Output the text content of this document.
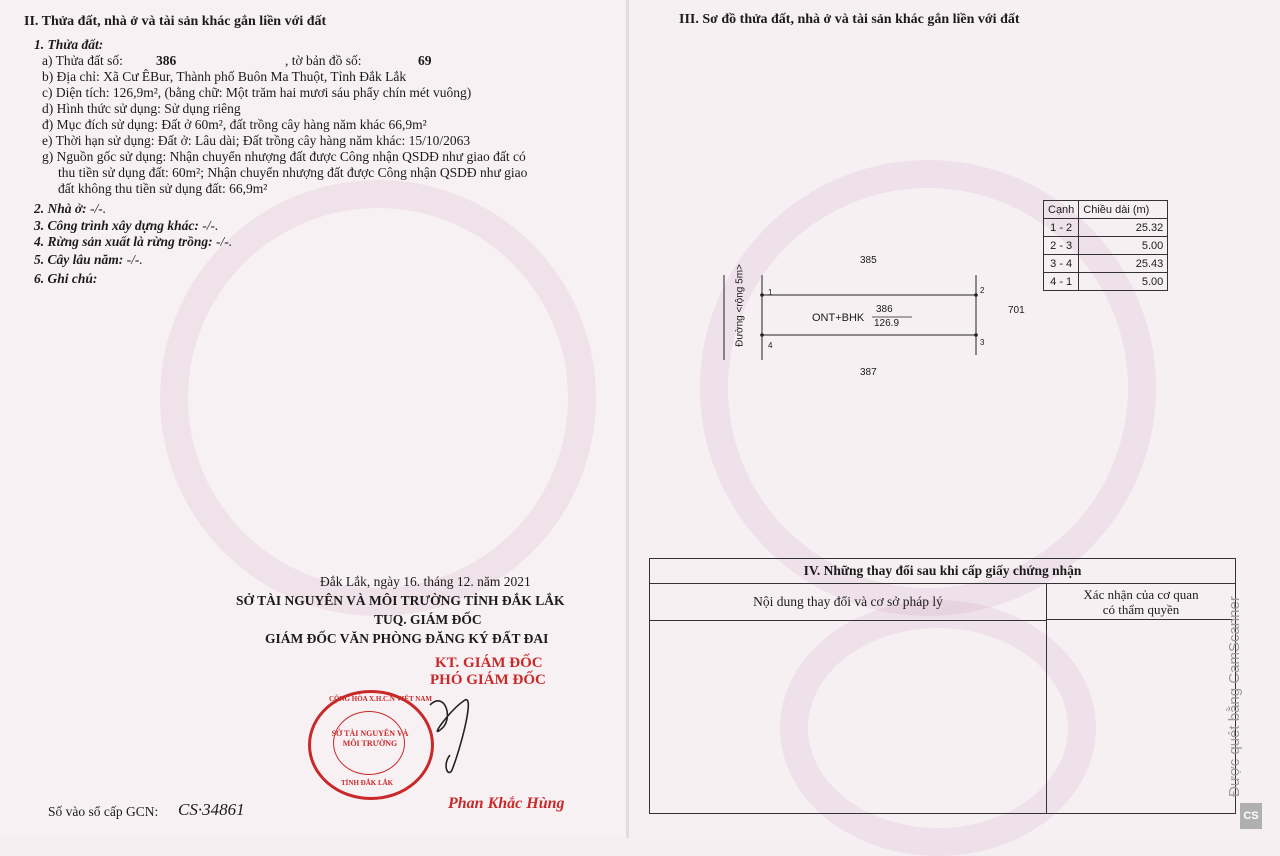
II. Thửa đất, nhà ở và tài sản khác gắn liền với đất
1. Thửa đất:
a) Thửa đất số: 386	, tờ bản đồ số:	69
b) Địa chỉ: Xã Cư ÊBur, Thành phố Buôn Ma Thuột, Tỉnh Đắk Lắk
c) Diện tích: 126,9m², (bằng chữ: Một trăm hai mươi sáu phẩy chín mét vuông)
d) Hình thức sử dụng: Sử dụng riêng
đ) Mục đích sử dụng: Đất ở 60m², đất trồng cây hàng năm khác 66,9m²
e) Thời hạn sử dụng: Đất ở: Lâu dài; Đất trồng cây hàng năm khác: 15/10/2063
g) Nguồn gốc sử dụng: Nhận chuyển nhượng đất được Công nhận QSDĐ như giao đất có
thu tiền sử dụng đất: 60m²; Nhận chuyển nhượng đất được Công nhận QSDĐ như giao
đất không thu tiền sử dụng đất: 66,9m²
2. Nhà ở: -/-.
3. Công trình xây dựng khác: -/-.
4. Rừng sản xuất là rừng trồng: -/-.
5. Cây lâu năm: -/-.
6. Ghi chú:
Đắk Lắk, ngày 16. tháng 12. năm 2021
SỞ TÀI NGUYÊN VÀ MÔI TRƯỜNG TỈNH ĐẮK LẮK
TUQ. GIÁM ĐỐC
GIÁM ĐỐC VĂN PHÒNG ĐĂNG KÝ ĐẤT ĐAI
KT. GIÁM ĐỐC
PHÓ GIÁM ĐỐC
CỘNG HÒA X.H.C.N VIỆT NAM
SỞ TÀI NGUYÊN VÀ MÔI TRƯỜNG
TỈNH ĐẮK LẮK
Phan Khắc Hùng
Số vào sổ cấp GCN: CS·34861
III. Sơ đồ thửa đất, nhà ở và tài sản khác gắn liền với đất
Cạnh	Chiều dài (m)
1 - 2	25.32
2 - 3	5.00
3 - 4	25.43
4 - 1	5.00
385
387
701
Đường <rộng 5m>	ONT+BHK
386
126.9
1	2
3
4
IV. Những thay đổi sau khi cấp giấy chứng nhận
Nội dung thay đổi và cơ sở pháp lý	Xác nhận của cơ quan
có thẩm quyền	Được quét bằng CamScanner
CS
